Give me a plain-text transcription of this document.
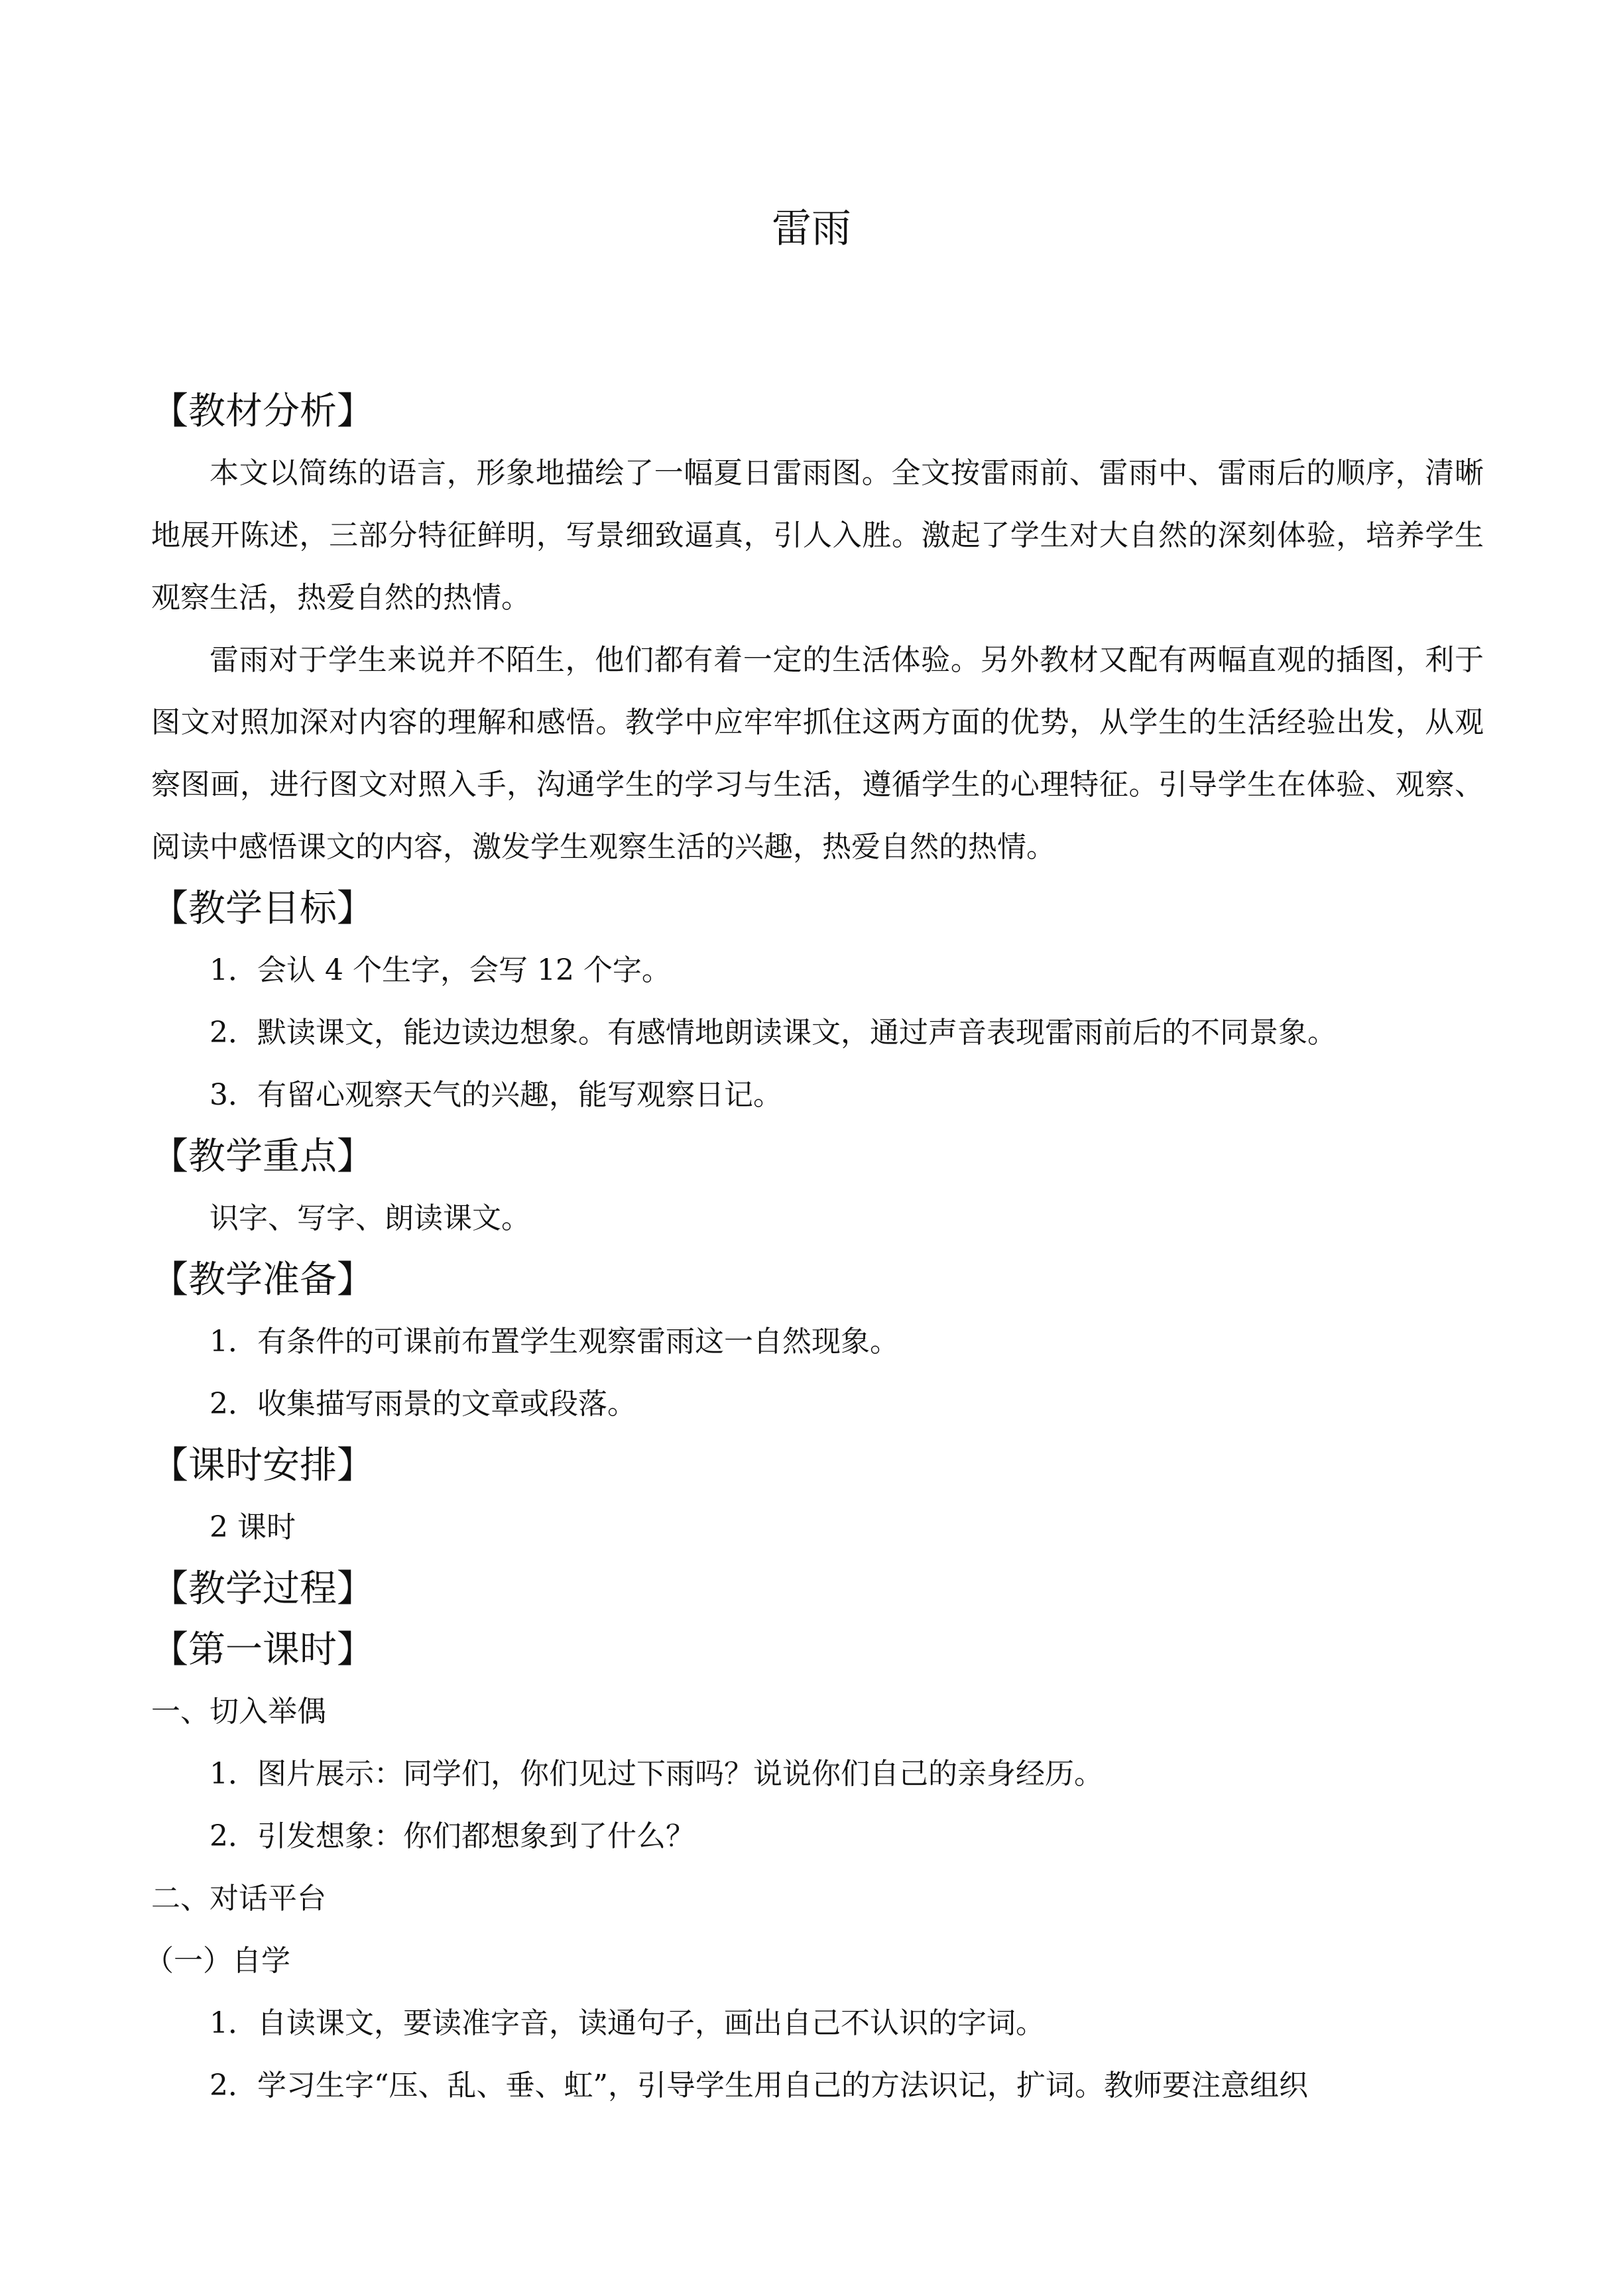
雷雨
【教材分析】

本文以简练的语言，形象地描绘了一幅夏日雷雨图。全文按雷雨前、雷雨中、雷雨后的顺序，清晰地展开陈述，三部分特征鲜明，写景细致逼真，引人入胜。激起了学生对大自然的深刻体验，培养学生观察生活，热爱自然的热情。

雷雨对于学生来说并不陌生，他们都有着一定的生活体验。另外教材又配有两幅直观的插图，利于图文对照加深对内容的理解和感悟。教学中应牢牢抓住这两方面的优势，从学生的生活经验出发，从观察图画，进行图文对照入手，沟通学生的学习与生活，遵循学生的心理特征。引导学生在体验、观察、阅读中感悟课文的内容，激发学生观察生活的兴趣，热爱自然的热情。

【教学目标】
1．会认 4 个生字，会写 12 个字。
2．默读课文，能边读边想象。有感情地朗读课文，通过声音表现雷雨前后的不同景象。
3．有留心观察天气的兴趣，能写观察日记。
【教学重点】
识字、写字、朗读课文。
【教学准备】
1．有条件的可课前布置学生观察雷雨这一自然现象。
2．收集描写雨景的文章或段落。
【课时安排】
2 课时
【教学过程】
【第一课时】
一、切入举偶
1．图片展示：同学们，你们见过下雨吗？说说你们自己的亲身经历。
2．引发想象：你们都想象到了什么？
二、对话平台
（一）自学
1．自读课文，要读准字音，读通句子，画出自己不认识的字词。
2．学习生字“压、乱、垂、虹”，引导学生用自己的方法识记，扩词。教师要注意组织
